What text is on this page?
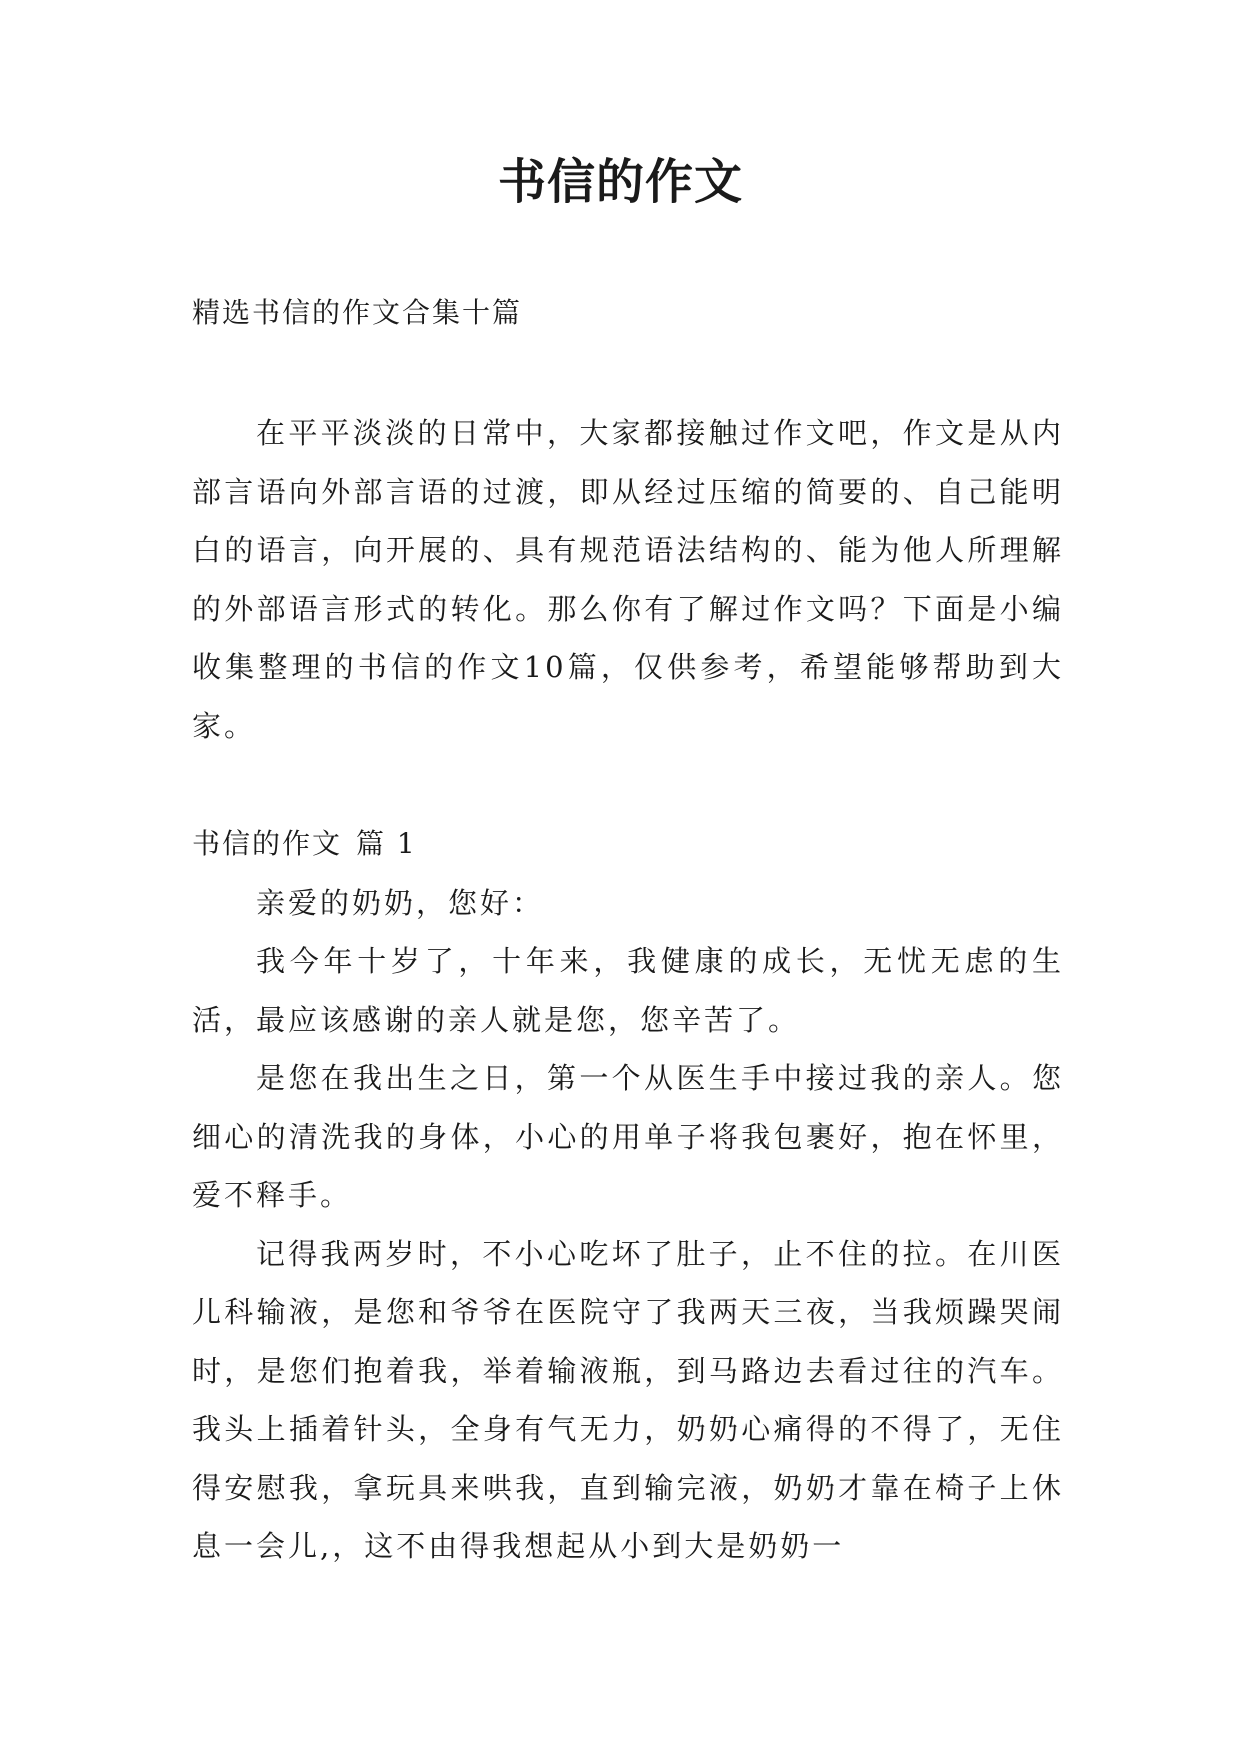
书信的作文
精选书信的作文合集十篇

在平平淡淡的日常中，大家都接触过作文吧，作文是从内部言语向外部言语的过渡，即从经过压缩的简要的、自己能明白的语言，向开展的、具有规范语法结构的、能为他人所理解的外部语言形式的转化。那么你有了解过作文吗？下面是小编收集整理的书信的作文10篇，仅供参考，希望能够帮助到大家。

书信的作文 篇 1

亲爱的奶奶，您好：

我今年十岁了，十年来，我健康的成长，无忧无虑的生活，最应该感谢的亲人就是您，您辛苦了。

是您在我出生之日，第一个从医生手中接过我的亲人。您细心的清洗我的身体，小心的用单子将我包裹好，抱在怀里，爱不释手。

记得我两岁时，不小心吃坏了肚子，止不住的拉。在川医儿科输液，是您和爷爷在医院守了我两天三夜，当我烦躁哭闹时，是您们抱着我，举着输液瓶，到马路边去看过往的汽车。我头上插着针头，全身有气无力，奶奶心痛得的不得了，无住得安慰我，拿玩具来哄我，直到输完液，奶奶才靠在椅子上休息一会儿,，这不由得我想起从小到大是奶奶一
